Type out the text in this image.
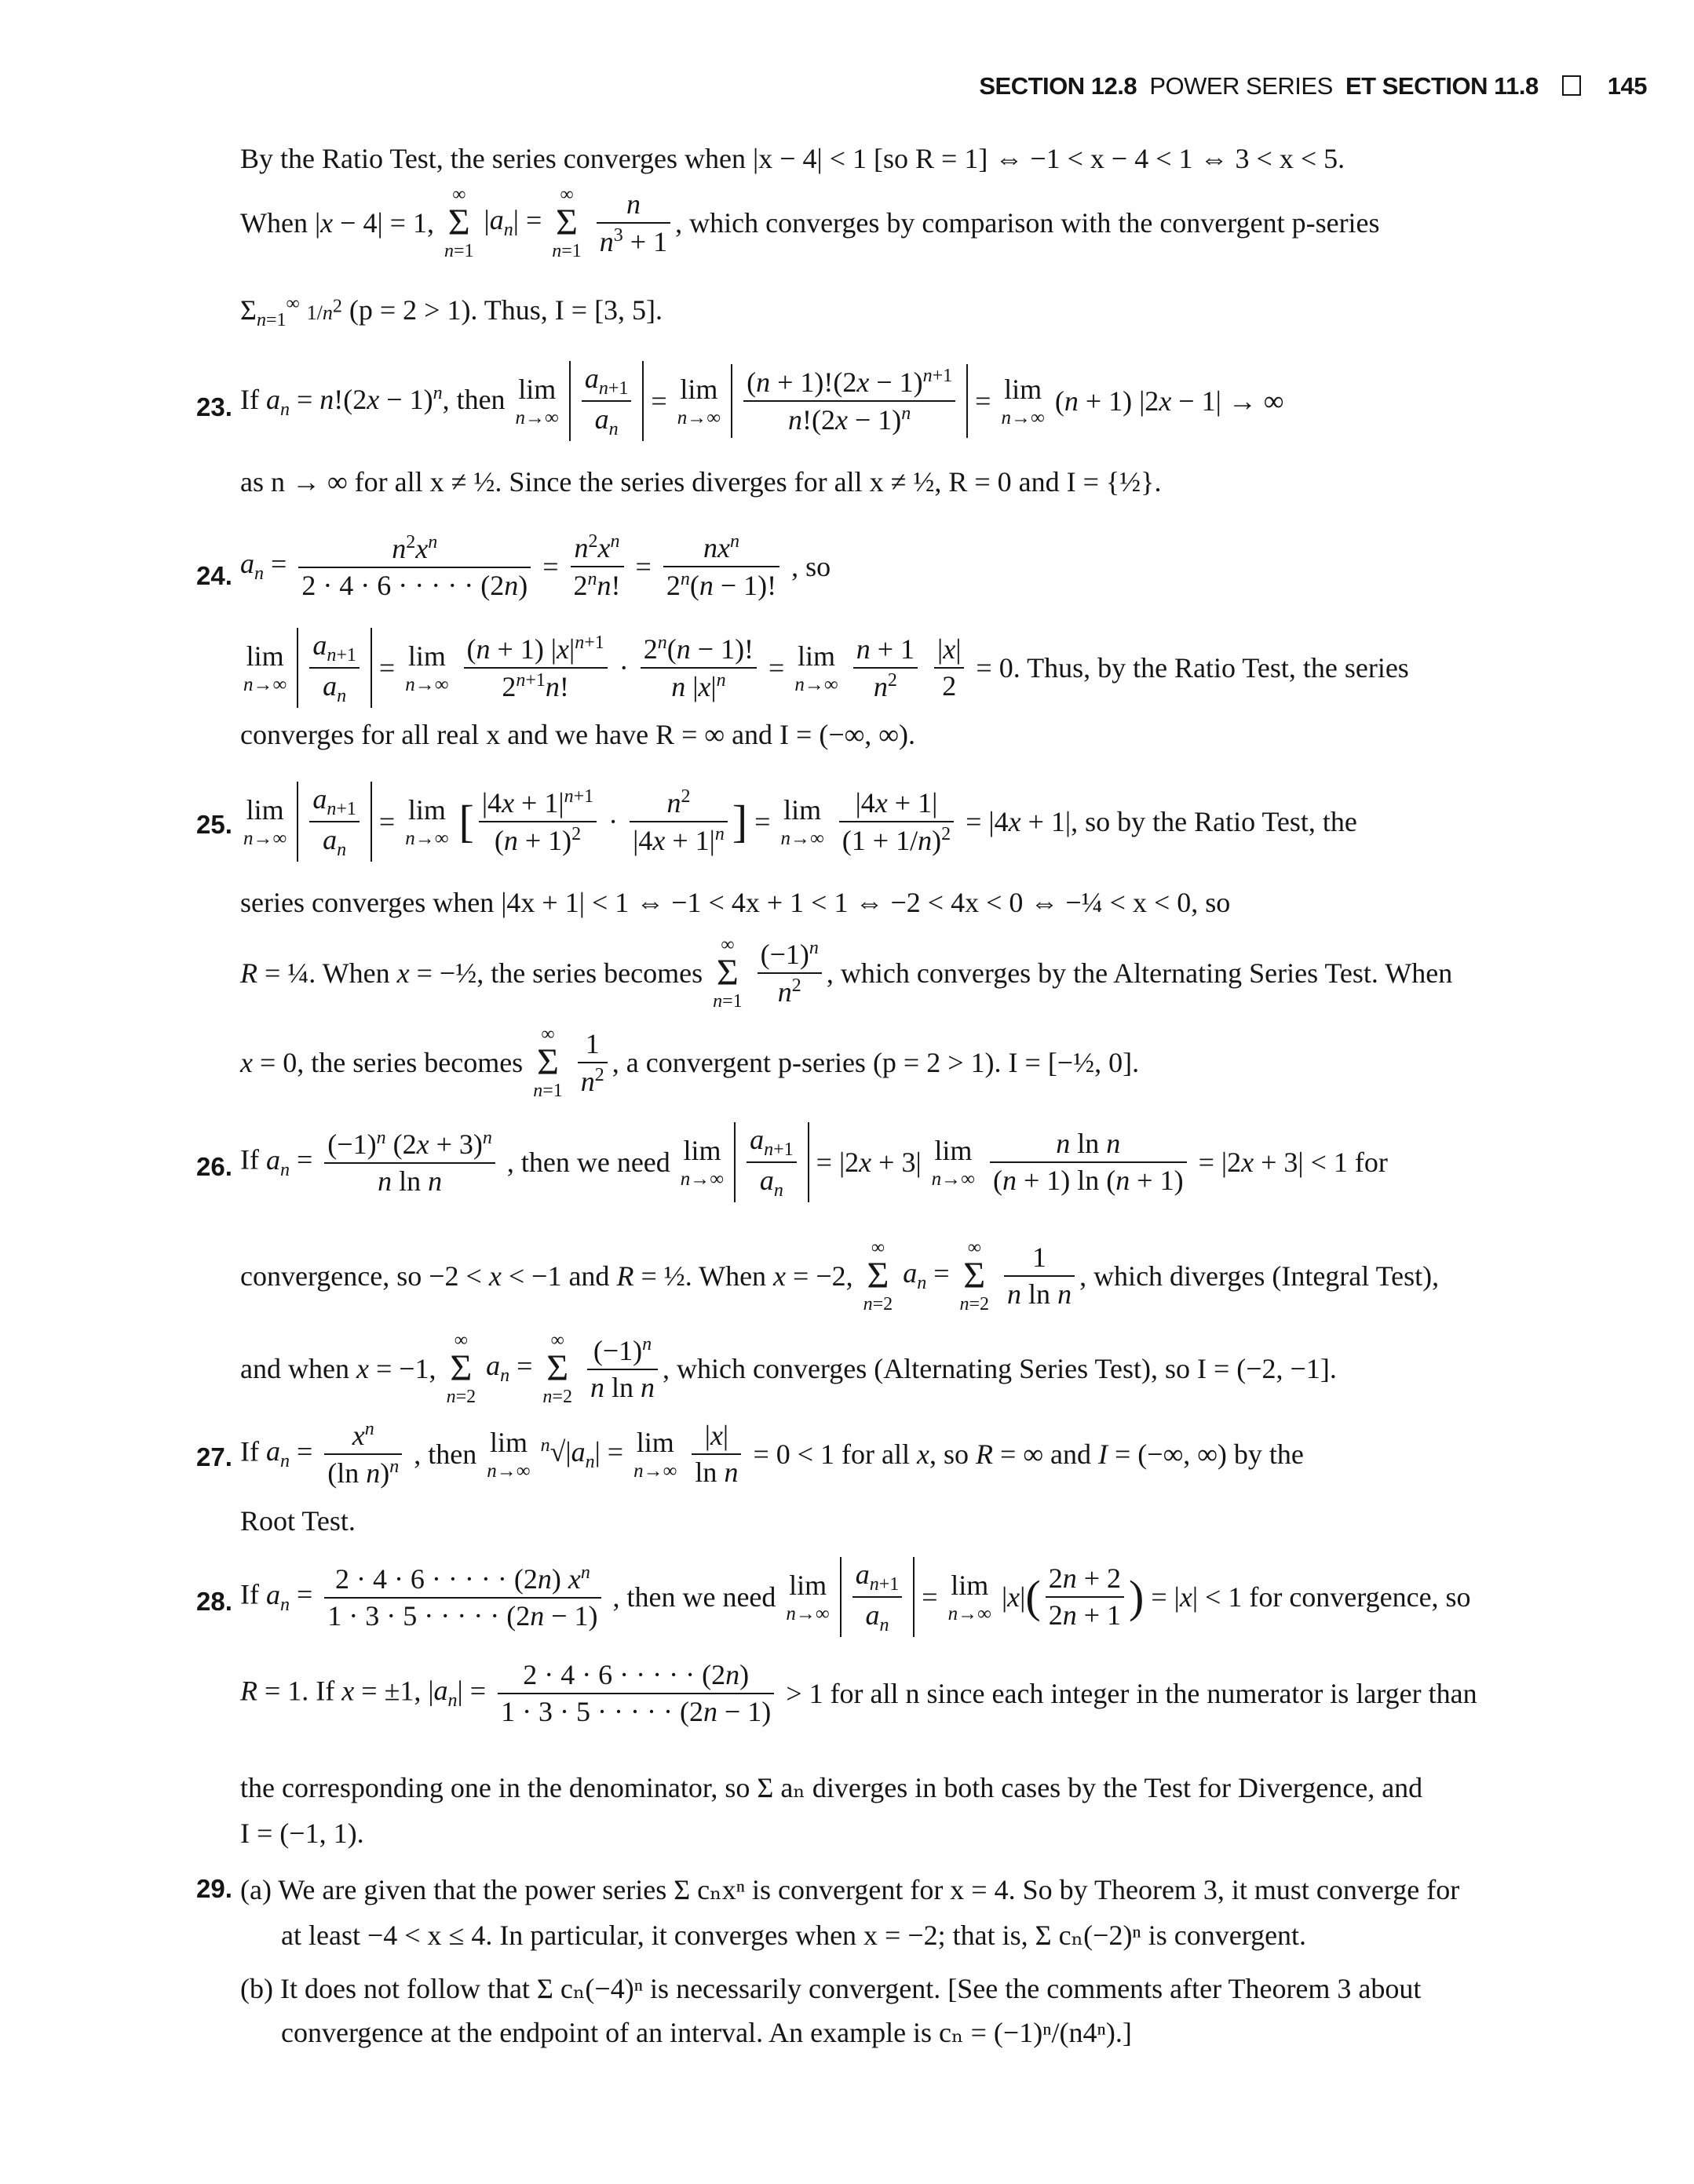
SECTION 12.8 POWER SERIES ET SECTION 11.8	145
By the Ratio Test, the series converges when |x − 4| < 1 [so R = 1] ⇔ −1 < x − 4 < 1 ⇔ 3 < x < 5.
When |x − 4| = 1,
∞
Σ
n=1
$|a_n|$ =
∞
Σ
n=1
$\frac{n}{n^3 + 1}$ , which converges by comparison with the convergent p-series
$\Sigma_{n=1}^\infty$ $1/n^2$ (p = 2 > 1). Thus, I = [3, 5].
23. If $a_n = n!(2x - 1)^n$, then lim
n→∞
$\frac{a_{n+1}}{a_n} = \lim$
n→∞
$\frac{(n + 1)!(2x - 1)^{n+1}}{n!(2x - 1)^n} = \lim$
n→∞
(n + 1) |2x − 1| → ∞
as n → ∞ for all x ≠ ½. Since the series diverges for all x ≠ ½, R = 0 and I = {½}.
24. $a_n = \frac{n^2x^n}{2 \cdot 4 \cdot 6 \cdot \cdot \cdot \cdot \cdot (2n)} = \frac{n^2x^n}{2^nn!} = \frac{nx^n}{2^n(n - 1)!}$ , so
lim
n→∞
$\frac{a_{n+1}}{a_n} = \lim$
n→∞
$\frac{(n + 1) |x|^{n+1}}{2^{n+1}n!} \cdot \frac{2^n(n - 1)!}{n |x|^n} = \lim$
n→∞
$\frac{n + 1}{n^2}$
$\frac{|x|}{2} = 0$. Thus, by the Ratio Test, the series
converges for all real x and we have R = ∞ and I = (−∞, ∞).
25. lim
n→∞
$\frac{a_{n+1}}{a_n} = \lim$
n→∞ [ $\frac{|4x + 1|^{n+1}}{(n + 1)^2} \cdot \frac{n^2}{|4x + 1|^n}$ ] = lim
n→∞
$\frac{|4x + 1|}{(1 + 1/n)^2} = |4x + 1|$, so by the Ratio Test, the
series converges when |4x + 1| < 1 ⇔ −1 < 4x + 1 < 1 ⇔ −2 < 4x < 0 ⇔ −¼ < x < 0, so
R = ¼. When x = −½, the series becomes
∞
Σ
n=1
$\frac{(-1)^n}{n^2}$ , which converges by the Alternating Series Test. When
x = 0, the series becomes
∞
Σ
n=1
$\frac{1}{n^2}$ , a convergent p-series (p = 2 > 1). I = [−½, 0].
26. If $a_n = \frac{(-1)^n (2x + 3)^n}{\text{n ln n}}$ , then we need lim
n→∞
$\frac{a_{n+1}}{a_n} = |2x + 3|$ lim
n→∞
$\frac{\text{n ln n}}{(n + 1) \ln (n + 1)} = |2x + 3| < 1$ for
convergence, so −2 < x < −1 and R = ½. When x = −2,
∞
Σ
n=2
$a_n$ =
∞
Σ
n=2
$\frac{1}{\text{n ln n}}$ , which diverges (Integral Test),
and when x = −1,
∞
Σ
n=2
$a_n$ =
∞
Σ
n=2
$\frac{(-1)^n}{\text{n ln n}}$ , which converges (Alternating Series Test), so I = (−2, −1].
27. If $a_n = \frac{x^n}{(\ln n)^n}$ , then lim
n→∞
$^n√|a_n| = \lim$
n→∞
$\frac{|x|}{\text{ln n}} = 0 < 1$ for all x, so R = ∞ and I = (−∞, ∞) by the
Root Test.
28. If $a_n = \frac{2 \cdot 4 \cdot 6 \cdot \cdot \cdot \cdot \cdot (2n) x^n}{1 \cdot 3 \cdot 5 \cdot \cdot \cdot \cdot \cdot (2n - 1)}$ , then we need lim
n→∞
$\frac{a_{n+1}}{a_n} = \lim$
n→∞
$|x|( \frac{2n + 2}{2n + 1}$ ) = |x| < 1 for convergence, so
R = 1. If x = ±1, $|a_n| = \frac{2 \cdot 4 \cdot 6 \cdot \cdot \cdot \cdot \cdot (2n)}{1 \cdot 3 \cdot 5 \cdot \cdot \cdot \cdot \cdot (2n - 1)} > 1$ for all n since each integer in the numerator is larger than
the corresponding one in the denominator, so Σ aₙ diverges in both cases by the Test for Divergence, and
I = (−1, 1).
29. (a) We are given that the power series Σ cₙxⁿ is convergent for x = 4. So by Theorem 3, it must converge for
at least −4 < x ≤ 4. In particular, it converges when x = −2; that is, Σ cₙ(−2)ⁿ is convergent.
(b) It does not follow that Σ cₙ(−4)ⁿ is necessarily convergent. [See the comments after Theorem 3 about
convergence at the endpoint of an interval. An example is cₙ = (−1)ⁿ/(n4ⁿ).]
